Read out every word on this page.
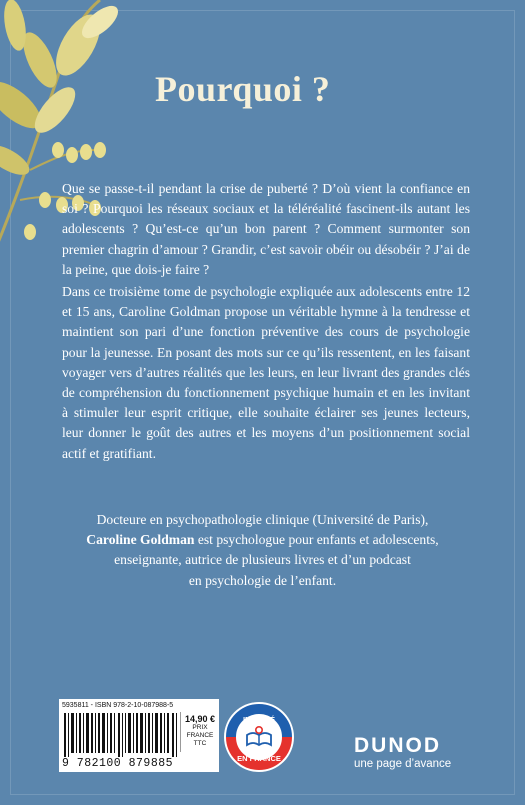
Pourquoi ?
Que se passe-t-il pendant la crise de puberté ? D’où vient la confiance en soi ? Pourquoi les réseaux sociaux et la téléréalité fascinent-ils autant les adolescents ? Qu’est-ce qu’un bon parent ? Comment surmonter son premier chagrin d’amour ? Grandir, c’est savoir obéir ou désobéir ? J’ai de la peine, que dois-je faire ?
Dans ce troisième tome de psychologie expliquée aux adolescents entre 12 et 15 ans, Caroline Goldman propose un véritable hymne à la tendresse et maintient son pari d’une fonction préventive des cours de psychologie pour la jeunesse. En posant des mots sur ce qu’ils ressentent, en les faisant voyager vers d’autres réalités que les leurs, en leur livrant des grandes clés de compréhension du fonctionnement psychique humain et en les invitant à stimuler leur esprit critique, elle souhaite éclairer ses jeunes lecteurs, leur donner le goût des autres et les moyens d’un positionnement social actif et gratifiant.
Docteure en psychopathologie clinique (Université de Paris),
Caroline Goldman est psychologue pour enfants et adolescents,
enseignante, autrice de plusieurs livres et d’un podcast
en psychologie de l’enfant.
5935811 - ISBN 978-2-10-087988-5
9 782100 879885
14,90 €
PRIX
FRANCE
TTC
IMPRIMÉ
EN FRANCE
DUNOD
une page d’avance
